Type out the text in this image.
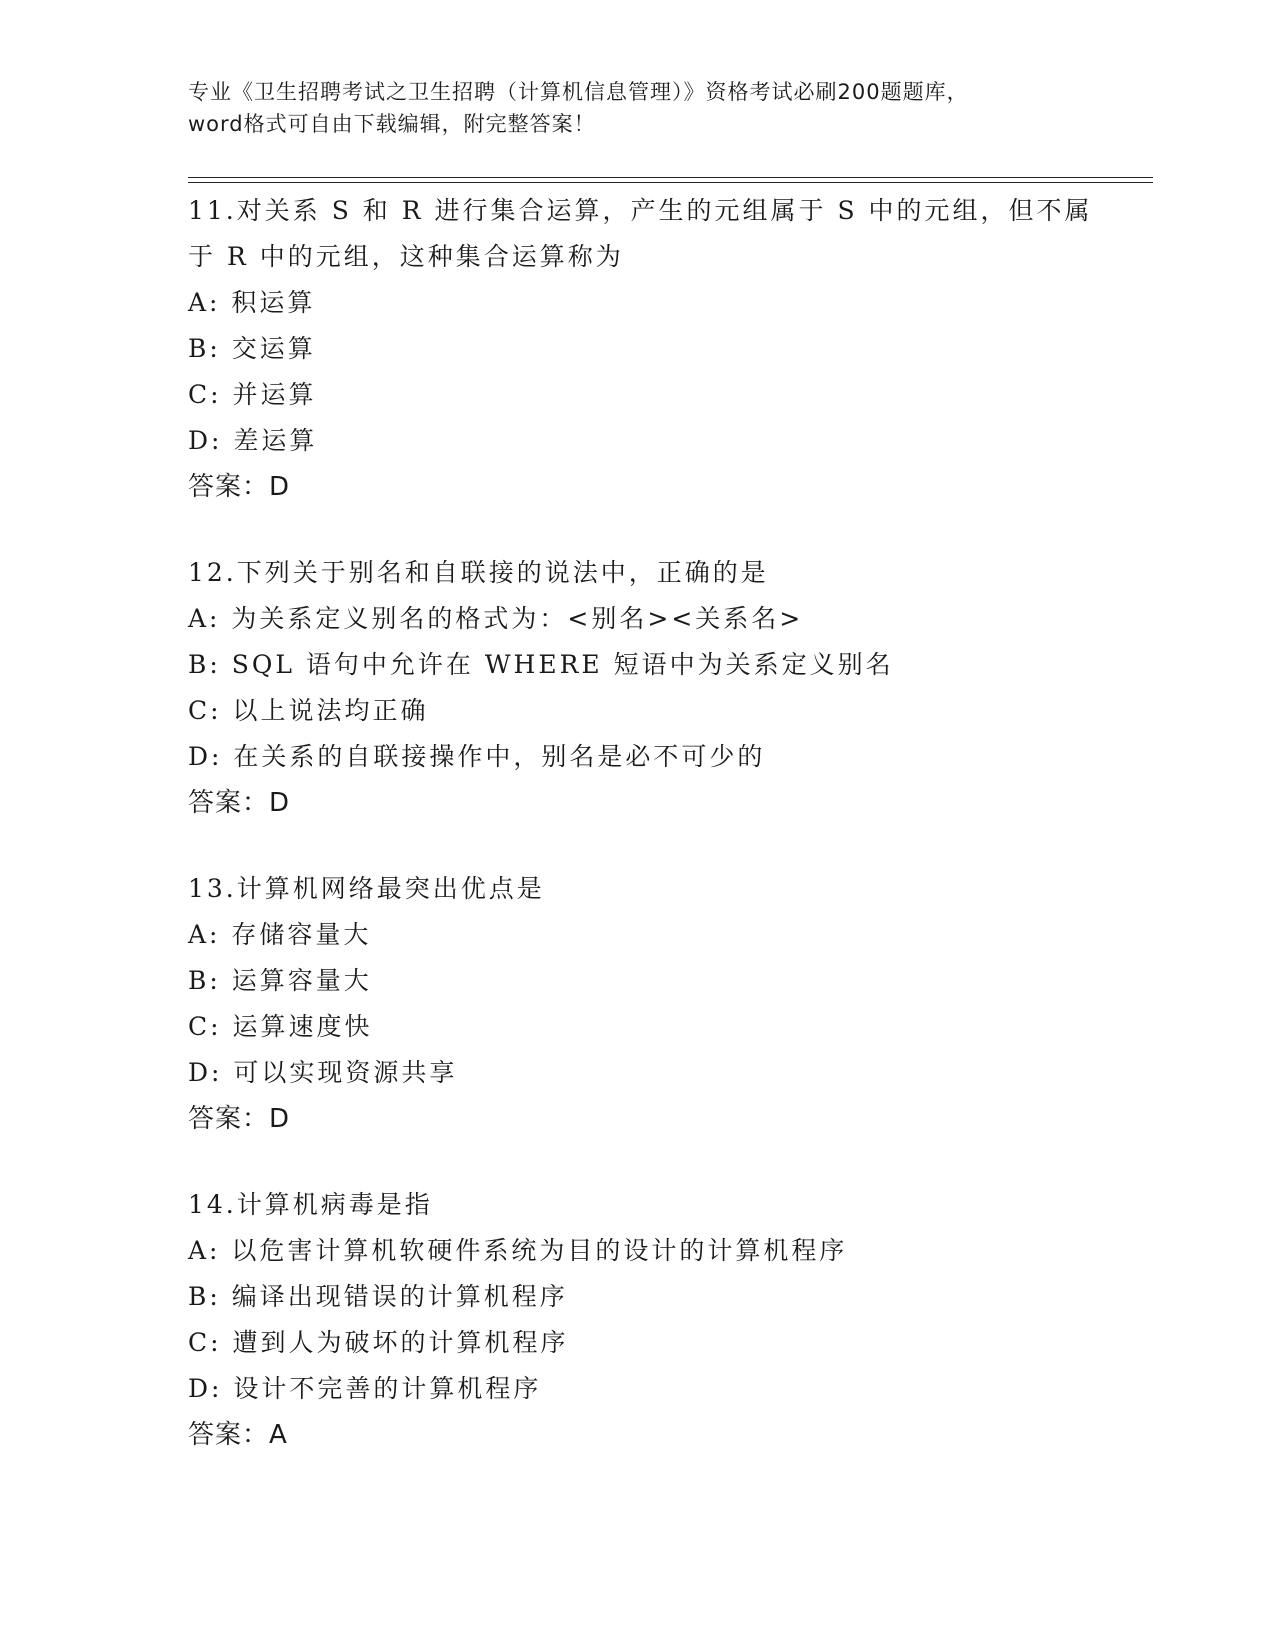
专业《卫生招聘考试之卫生招聘（计算机信息管理）》资格考试必刷200题题库，
word格式可自由下载编辑，附完整答案！

11.对关系 S 和 R 进行集合运算，产生的元组属于 S 中的元组，但不属

于 R 中的元组，这种集合运算称为

A: 积运算

B: 交运算

C: 并运算

D: 差运算

答案：D

12.下列关于别名和自联接的说法中，正确的是

A: 为关系定义别名的格式为：<别名><关系名>

B: SQL 语句中允许在 WHERE 短语中为关系定义别名

C: 以上说法均正确

D: 在关系的自联接操作中，别名是必不可少的

答案：D

13.计算机网络最突出优点是

A: 存储容量大

B: 运算容量大

C: 运算速度快

D: 可以实现资源共享

答案：D

14.计算机病毒是指

A: 以危害计算机软硬件系统为目的设计的计算机程序

B: 编译出现错误的计算机程序

C: 遭到人为破坏的计算机程序

D: 设计不完善的计算机程序

答案：A
